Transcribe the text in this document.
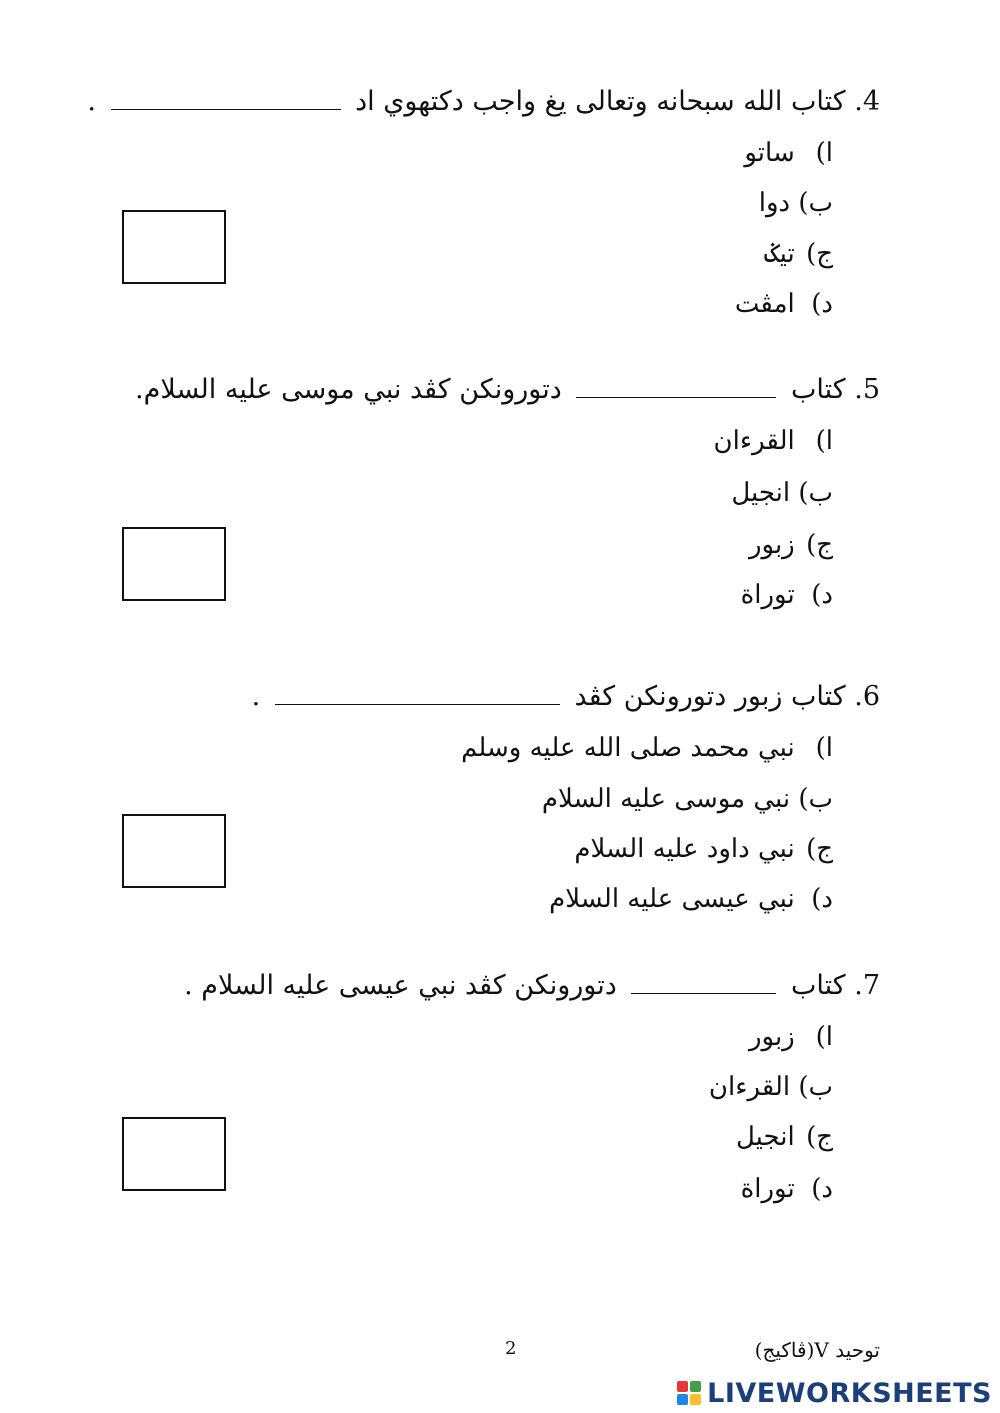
4. كتاب الله سبحانه وتعالى يغ واجب دكتهوي اد  .
ا) ساتو
ب) دوا
ج) تيݢ
د) امڤت
5. كتاب  دتورونكن كڤد نبي موسى عليه السلام.
ا) القرءان
ب) انجيل
ج) زبور
د) توراة
6. كتاب زبور دتورونكن كڤد  .
ا) نبي محمد صلى الله عليه وسلم
ب) نبي موسى عليه السلام
ج) نبي داود عليه السلام
د) نبي عيسى عليه السلام
7. كتاب  دتورونكن كڤد نبي عيسى عليه السلام .
ا) زبور
ب) القرءان
ج) انجيل
د) توراة
توحيد V(ڤاكيج)
2
LIVEWORKSHEETS
